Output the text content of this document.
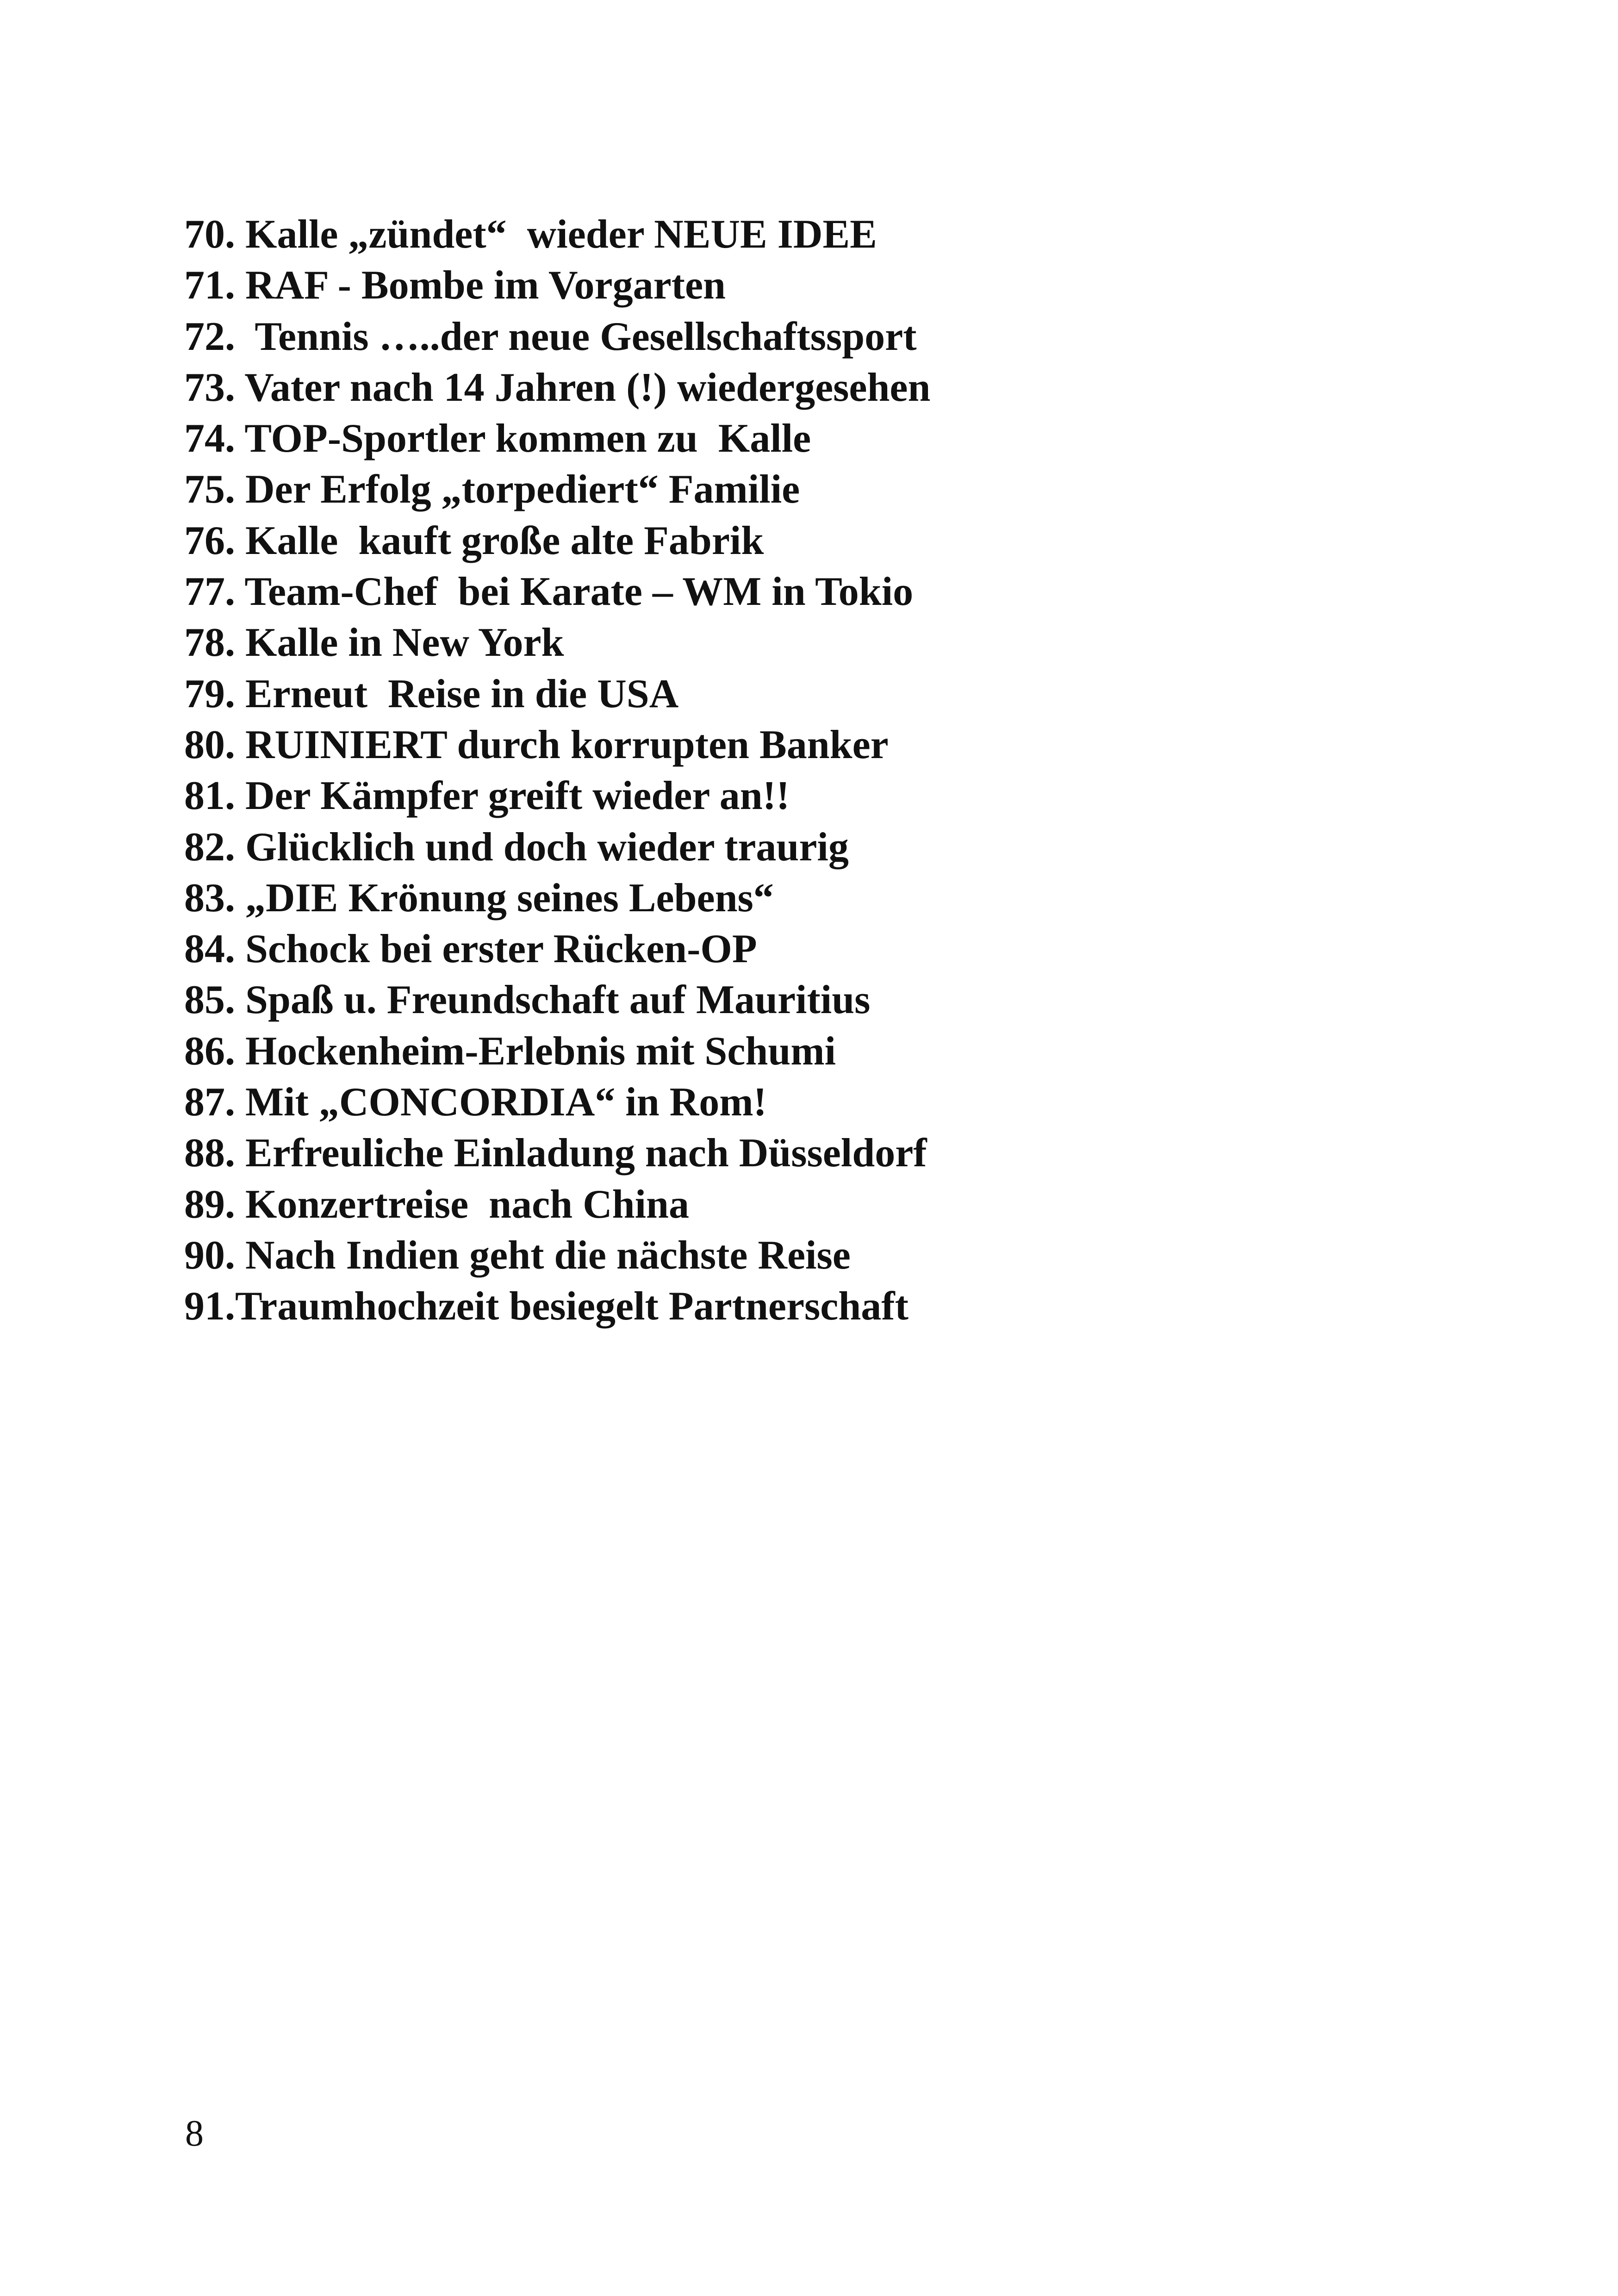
70. Kalle „zündet“  wieder NEUE IDEE
71. RAF - Bombe im Vorgarten
72.  Tennis …..der neue Gesellschaftssport
73. Vater nach 14 Jahren (!) wiedergesehen
74. TOP-Sportler kommen zu  Kalle
75. Der Erfolg „torpediert“ Familie
76. Kalle  kauft große alte Fabrik
77. Team-Chef  bei Karate – WM in Tokio
78. Kalle in New York
79. Erneut  Reise in die USA
80. RUINIERT durch korrupten Banker
81. Der Kämpfer greift wieder an!!
82. Glücklich und doch wieder traurig
83. „DIE Krönung seines Lebens“
84. Schock bei erster Rücken-OP
85. Spaß u. Freundschaft auf Mauritius
86. Hockenheim-Erlebnis mit Schumi
87. Mit „CONCORDIA“ in Rom!
88. Erfreuliche Einladung nach Düsseldorf
89. Konzertreise  nach China
90. Nach Indien geht die nächste Reise
91.Traumhochzeit besiegelt Partnerschaft
8
